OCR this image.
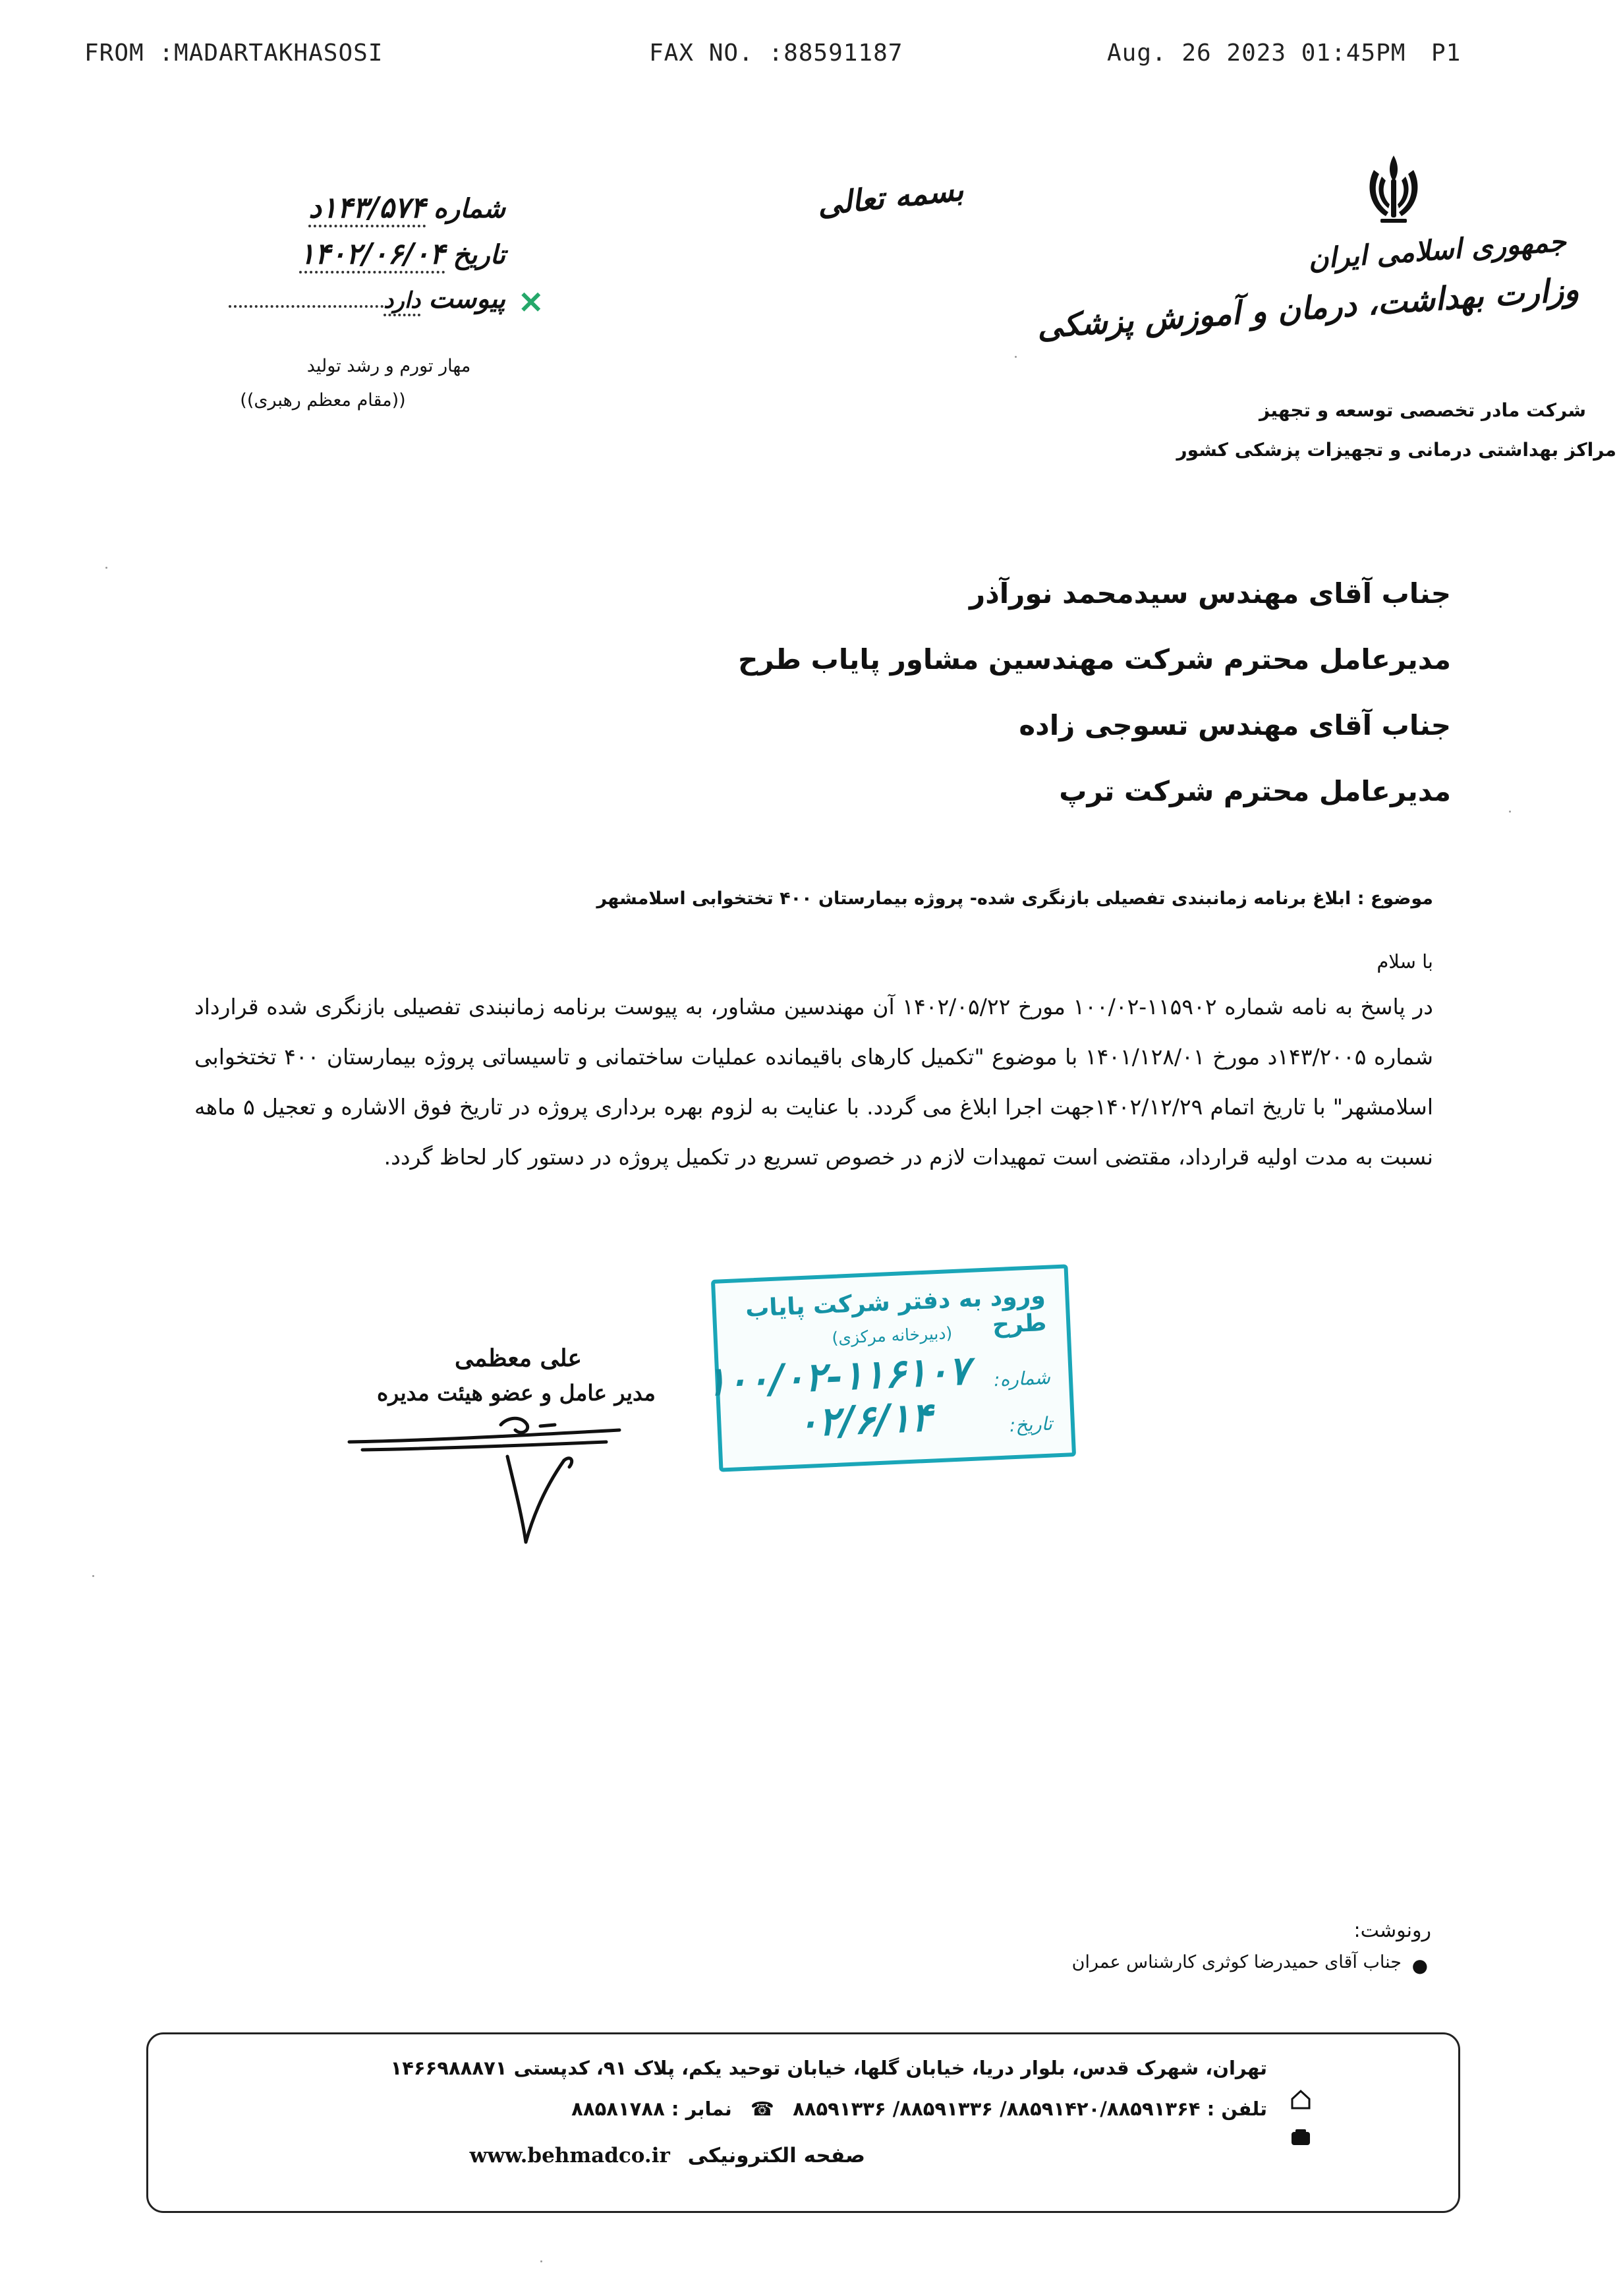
FROM :MADARTAKHASOSI	FAX NO. :88591187	Aug. 26 2023 01:45PM P1
بسمه تعالی
شماره
۱۴۳/۵۷۴د
تاریخ
۱۴۰۲/۰۶/۰۴
✕
پیوست
دارد
مهار تورم و رشد تولید
((مقام معظم رهبری))
جمهوری اسلامی ایران
وزارت بهداشت، درمان و آموزش پزشکی
شرکت مادر تخصصی توسعه و تجهیز
مراکز بهداشتی درمانی و تجهیزات پزشکی کشور
جناب آقای مهندس سیدمحمد نورآذر
مدیرعامل محترم شرکت مهندسین مشاور پایاب طرح
جناب آقای مهندس تسوجی زاده
مدیرعامل محترم شرکت ترپ
موضوع : ابلاغ برنامه زمانبندی تفصیلی بازنگری شده- پروژه بیمارستان ۴۰۰ تختخوابی اسلامشهر
با سلام
در پاسخ به نامه شماره ۱۱۵۹۰۲-۱۰۰/۰۲ مورخ ۱۴۰۲/۰۵/۲۲ آن مهندسین مشاور، به پیوست برنامه زمانبندی تفصیلی بازنگری شده قرارداد شماره ۱۴۳/۲۰۰۵د مورخ ۱۴۰۱/۱۲۸/۰۱ با موضوع "تکمیل کارهای باقیمانده عملیات ساختمانی و تاسیساتی پروژه بیمارستان ۴۰۰ تختخوابی اسلامشهر" با تاریخ اتمام ۱۴۰۲/۱۲/۲۹جهت اجرا ابلاغ می گردد. با عنایت به لزوم بهره برداری پروژه در تاریخ فوق الاشاره و تعجیل ۵ ماهه نسبت به مدت اولیه قرارداد، مقتضی است تمهیدات لازم در خصوص تسریع در تکمیل پروژه در دستور کار لحاظ گردد.
علی معظمی
مدیر عامل و عضو هیئت مدیره
ورود به دفتر شرکت پایاب طرح
(دبیرخانه مرکزی)
شماره:
۱۰۰/۰۲-۱۱۶۱۰۷
تاریخ:
۰۲/۶/۱۴
رونوشت:
●
جناب آقای حمیدرضا کوثری کارشناس عمران
تهران، شهرک قدس، بلوار دریا، خیابان گلها، خیابان توحید یکم، پلاک ۹۱، کدپستی ۱۴۶۶۹۸۸۸۷۱
تلفن : ۸۸۵۹۱۴۲۰/۸۸۵۹۱۳۶۴/ ۸۸۵۹۱۳۳۶/ ۸۸۵۹۱۳۳۶ ☎ نمابر : ۸۸۵۸۱۷۸۸
صفحه الکترونیکی www.behmadco.ir
